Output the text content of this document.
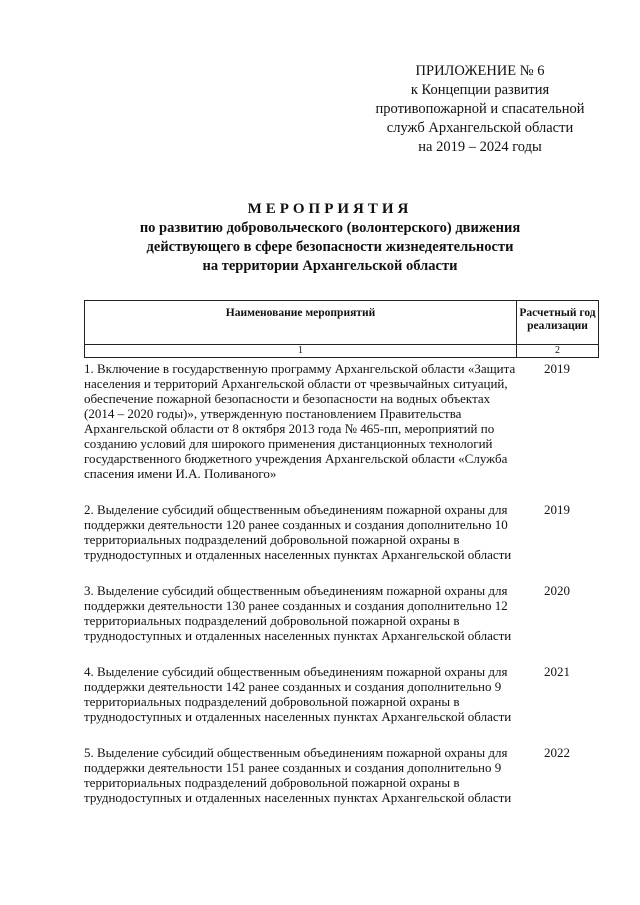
ПРИЛОЖЕНИЕ № 6
к Концепции развития
противопожарной и спасательной
служб Архангельской области
на 2019 – 2024 годы
МЕРОПРИЯТИЯ
по развитию добровольческого (волонтерского) движения
действующего в сфере безопасности жизнедеятельности
на территории Архангельской области
Наименование мероприятий	Расчетный год реализации
1	2
1. Включение в государственную программу Архангельской области «Защита населения и территорий Архангельской области от чрезвычайных ситуаций, обеспечение пожарной безопасности и безопасности на водных объектах (2014 – 2020 годы)», утвержденную постановлением Правительства Архангельской области от 8 октября 2013 года № 465-пп, мероприятий по созданию условий для широкого применения дистанционных технологий государственного бюджетного учреждения Архангельской области «Служба спасения имени И.А. Поливаного»	2019

2. Выделение субсидий общественным объединениям пожарной охраны для поддержки деятельности 120 ранее созданных и создания дополнительно 10 территориальных подразделений добровольной пожарной охраны в труднодоступных и отдаленных населенных пунктах Архангельской области	2019

3. Выделение субсидий общественным объединениям пожарной охраны для поддержки деятельности 130 ранее созданных и создания дополнительно 12 территориальных подразделений добровольной пожарной охраны в труднодоступных и отдаленных населенных пунктах Архангельской области	2020

4. Выделение субсидий общественным объединениям пожарной охраны для поддержки деятельности 142 ранее созданных и создания дополнительно 9 территориальных подразделений добровольной пожарной охраны в труднодоступных и отдаленных населенных пунктах Архангельской области	2021

5. Выделение субсидий общественным объединениям пожарной охраны для поддержки деятельности 151 ранее созданных и создания дополнительно 9 территориальных подразделений добровольной пожарной охраны в труднодоступных и отдаленных населенных пунктах Архангельской области	2022
